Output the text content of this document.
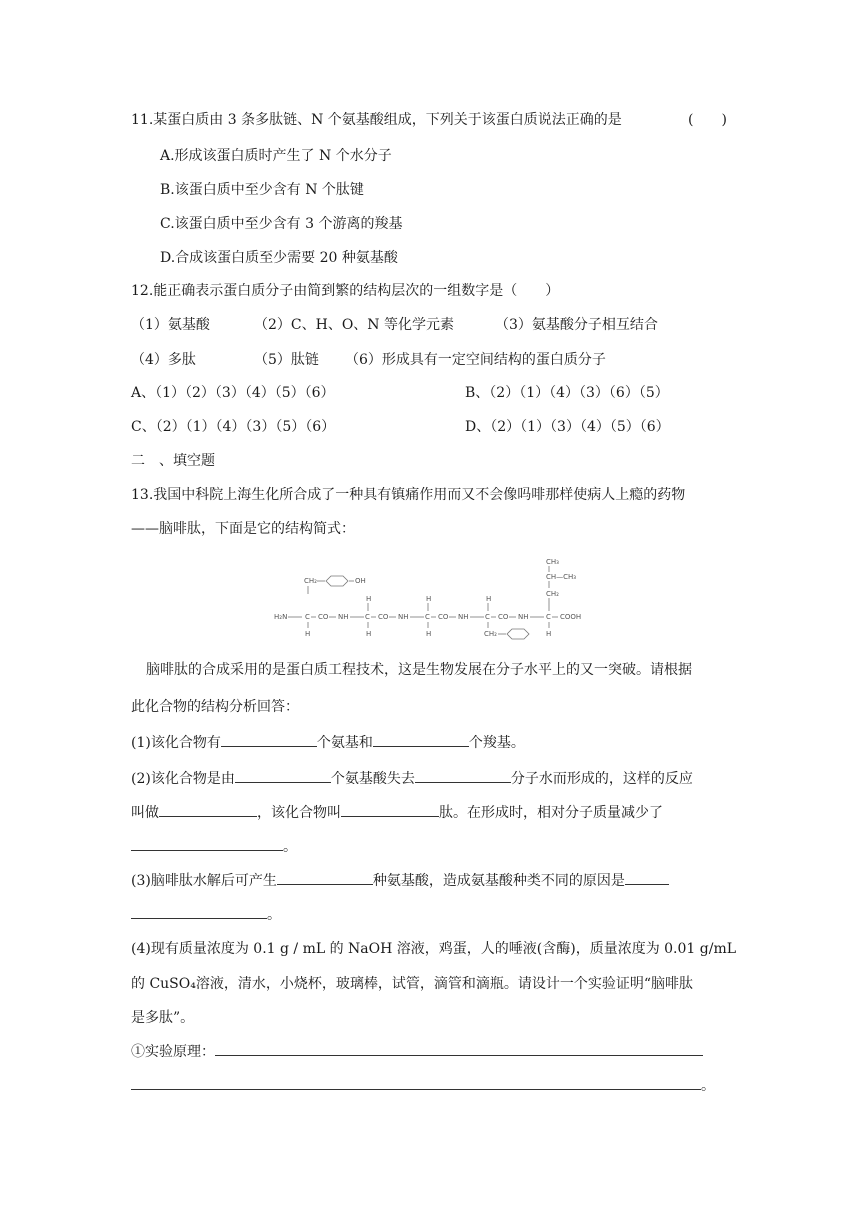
11.某蛋白质由 3 条多肽链、N 个氨基酸组成，下列关于该蛋白质说法正确的是	(　　)
A.形成该蛋白质时产生了 N 个水分子
B.该蛋白质中至少含有 N 个肽键
C.该蛋白质中至少含有 3 个游离的羧基
D.合成该蛋白质至少需要 20 种氨基酸
12.能正确表示蛋白质分子由简到繁的结构层次的一组数字是（　　）
（1）氨基酸	（2）C、H、O、N 等化学元素	（3）氨基酸分子相互结合
（4）多肽	（5）肽链 （6）形成具有一定空间结构的蛋白质分子
A、（1）（2）（3）（4）（5）（6）	B、（2）（1）（4）（3）（6）（5）
C、（2）（1）（4）（3）（5）（6）	D、（2）（1）（3）（4）（5）（6）
二　、填空题
13.我国中科院上海生化所合成了一种具有镇痛作用而又不会像吗啡那样使病人上瘾的药物
——脑啡肽，下面是它的结构简式：
CH₂	OH
H	H	H
CH₃
CH—CH₃
CH₂
H₂N	C CO NH C CO NH C CO NH C CO NH	C COOH
H	H	H	H
CH₂
脑啡肽的合成采用的是蛋白质工程技术，这是生物发展在分子水平上的又一突破。请根据
此化合物的结构分析回答：
(1)该化合物有	个氨基和	个羧基。
(2)该化合物是由	个氨基酸失去	分子水而形成的，这样的反应
叫做	，该化合物叫	肽。在形成时，相对分子质量减少了
。
(3)脑啡肽水解后可产生	种氨基酸，造成氨基酸种类不同的原因是
。
(4)现有质量浓度为 0.1 g / mL 的 NaOH 溶液，鸡蛋，人的唾液(含酶)，质量浓度为 0.01 g/mL
的 CuSO₄溶液，清水，小烧杯，玻璃棒，试管，滴管和滴瓶。请设计一个实验证明“脑啡肽
是多肽”。
①实验原理：
。
